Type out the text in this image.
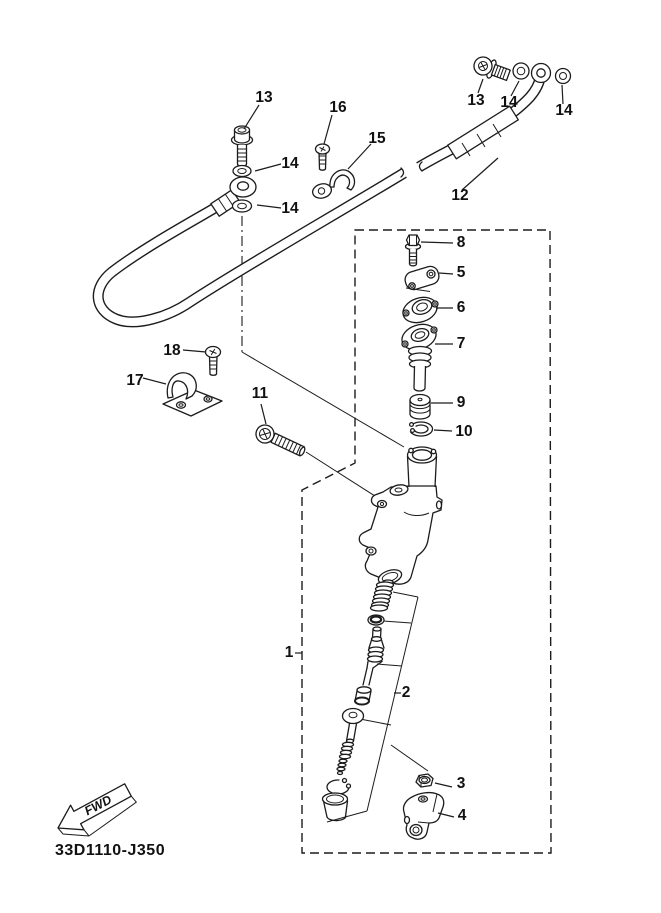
13
14
14
16
15
13 14 14
12
8
5
6
7
9
10
18
17
11
1
2
3
4
FWD
33D1110-J350
